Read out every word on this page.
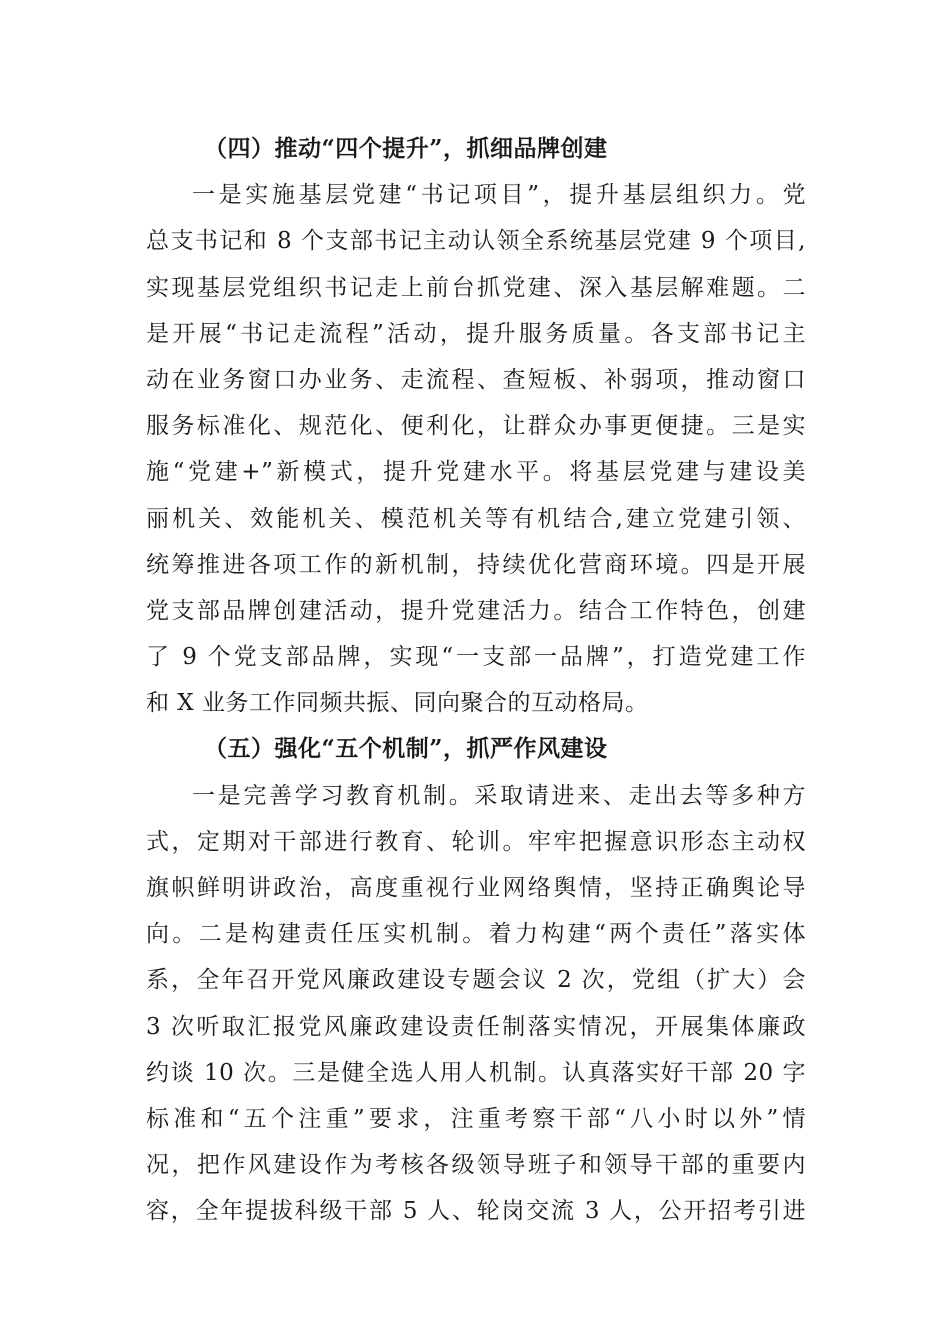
（四）推动“四个提升”，抓细品牌创建
一是实施基层党建“书记项目”，提升基层组织力。党
总支书记和 8 个支部书记主动认领全系统基层党建 9 个项目,
实现基层党组织书记走上前台抓党建、深入基层解难题。二
是开展“书记走流程”活动，提升服务质量。各支部书记主
动在业务窗口办业务、走流程、查短板、补弱项，推动窗口
服务标准化、规范化、便利化，让群众办事更便捷。三是实
施“党建+”新模式，提升党建水平。将基层党建与建设美
丽机关、效能机关、模范机关等有机结合,建立党建引领、
统筹推进各项工作的新机制，持续优化营商环境。四是开展
党支部品牌创建活动，提升党建活力。结合工作特色，创建
了 9 个党支部品牌，实现“一支部一品牌”，打造党建工作
和 X 业务工作同频共振、同向聚合的互动格局。
（五）强化“五个机制”，抓严作风建设
一是完善学习教育机制。采取请进来、走出去等多种方
式，定期对干部进行教育、轮训。牢牢把握意识形态主动权
旗帜鲜明讲政治，高度重视行业网络舆情，坚持正确舆论导
向。二是构建责任压实机制。着力构建“两个责任”落实体
系，全年召开党风廉政建设专题会议 2 次，党组（扩大）会
3 次听取汇报党风廉政建设责任制落实情况，开展集体廉政
约谈 10 次。三是健全选人用人机制。认真落实好干部 20 字
标准和“五个注重”要求，注重考察干部“八小时以外”情
况，把作风建设作为考核各级领导班子和领导干部的重要内
容，全年提拔科级干部 5 人、轮岗交流 3 人，公开招考引进
